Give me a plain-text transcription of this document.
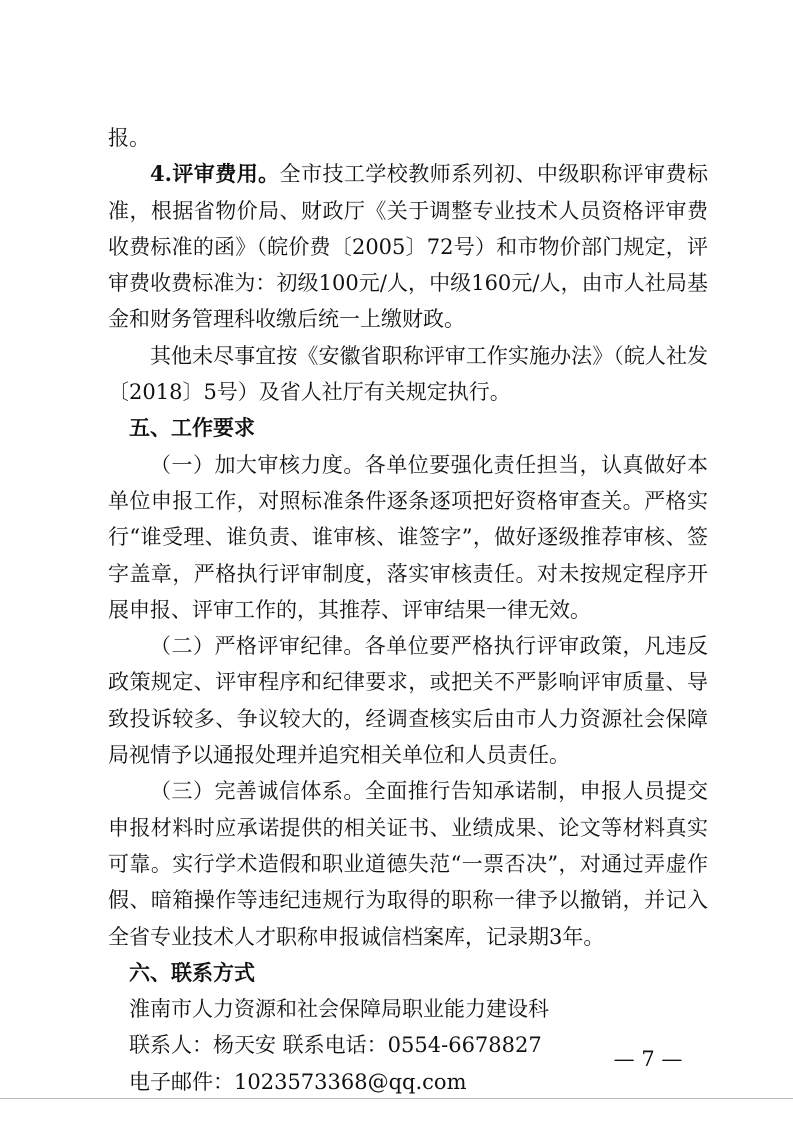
报。

4.评审费用。全市技工学校教师系列初、中级职称评审费标准，根据省物价局、财政厅《关于调整专业技术人员资格评审费收费标准的函》（皖价费〔2005〕72号）和市物价部门规定，评审费收费标准为：初级100元/人，中级160元/人，由市人社局基金和财务管理科收缴后统一上缴财政。

其他未尽事宜按《安徽省职称评审工作实施办法》（皖人社发〔2018〕5号）及省人社厅有关规定执行。

五、工作要求

（一）加大审核力度。各单位要强化责任担当，认真做好本单位申报工作，对照标准条件逐条逐项把好资格审查关。严格实行“谁受理、谁负责、谁审核、谁签字”，做好逐级推荐审核、签字盖章，严格执行评审制度，落实审核责任。对未按规定程序开展申报、评审工作的，其推荐、评审结果一律无效。

（二）严格评审纪律。各单位要严格执行评审政策，凡违反政策规定、评审程序和纪律要求，或把关不严影响评审质量、导致投诉较多、争议较大的，经调查核实后由市人力资源社会保障局视情予以通报处理并追究相关单位和人员责任。

（三）完善诚信体系。全面推行告知承诺制，申报人员提交申报材料时应承诺提供的相关证书、业绩成果、论文等材料真实可靠。实行学术造假和职业道德失范“一票否决”，对通过弄虚作假、暗箱操作等违纪违规行为取得的职称一律予以撤销，并记入全省专业技术人才职称申报诚信档案库，记录期3年。

六、联系方式

淮南市人力资源和社会保障局职业能力建设科

联系人：杨天安 联系电话：0554-6678827

电子邮件：1023573368@qq.com

— 7 —
